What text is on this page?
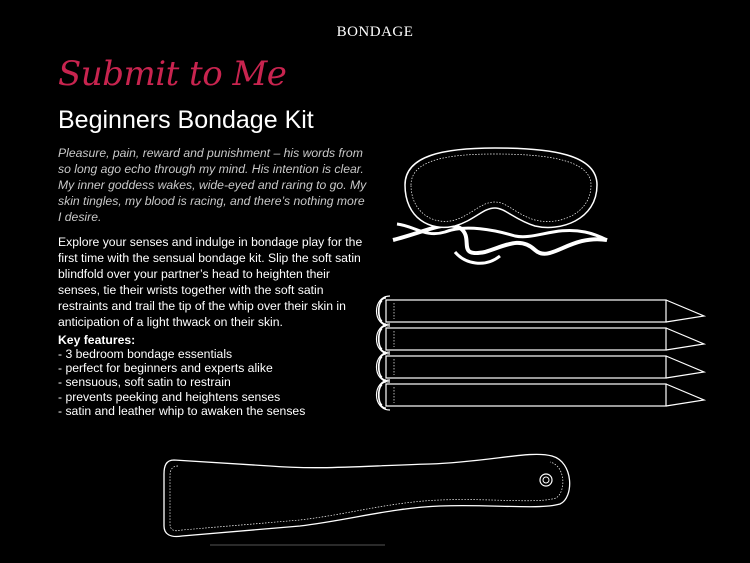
BONDAGE
Submit to Me
Beginners Bondage Kit
Pleasure, pain, reward and punishment – his words from so long ago echo through my mind. His intention is clear. My inner goddess wakes, wide-eyed and raring to go. My skin tingles, my blood is racing, and there’s nothing more I desire.
Explore your senses and indulge in bondage play for the first time with the sensual bondage kit. Slip the soft satin blindfold over your partner’s head to heighten their senses, tie their wrists together with the soft satin restraints and trail the tip of the whip over their skin in anticipation of a light thwack on their skin.
Key features:
- 3 bedroom bondage essentials
- perfect for beginners and experts alike
- sensuous, soft satin to restrain
- prevents peeking and heightens senses
- satin and leather whip to awaken the senses
